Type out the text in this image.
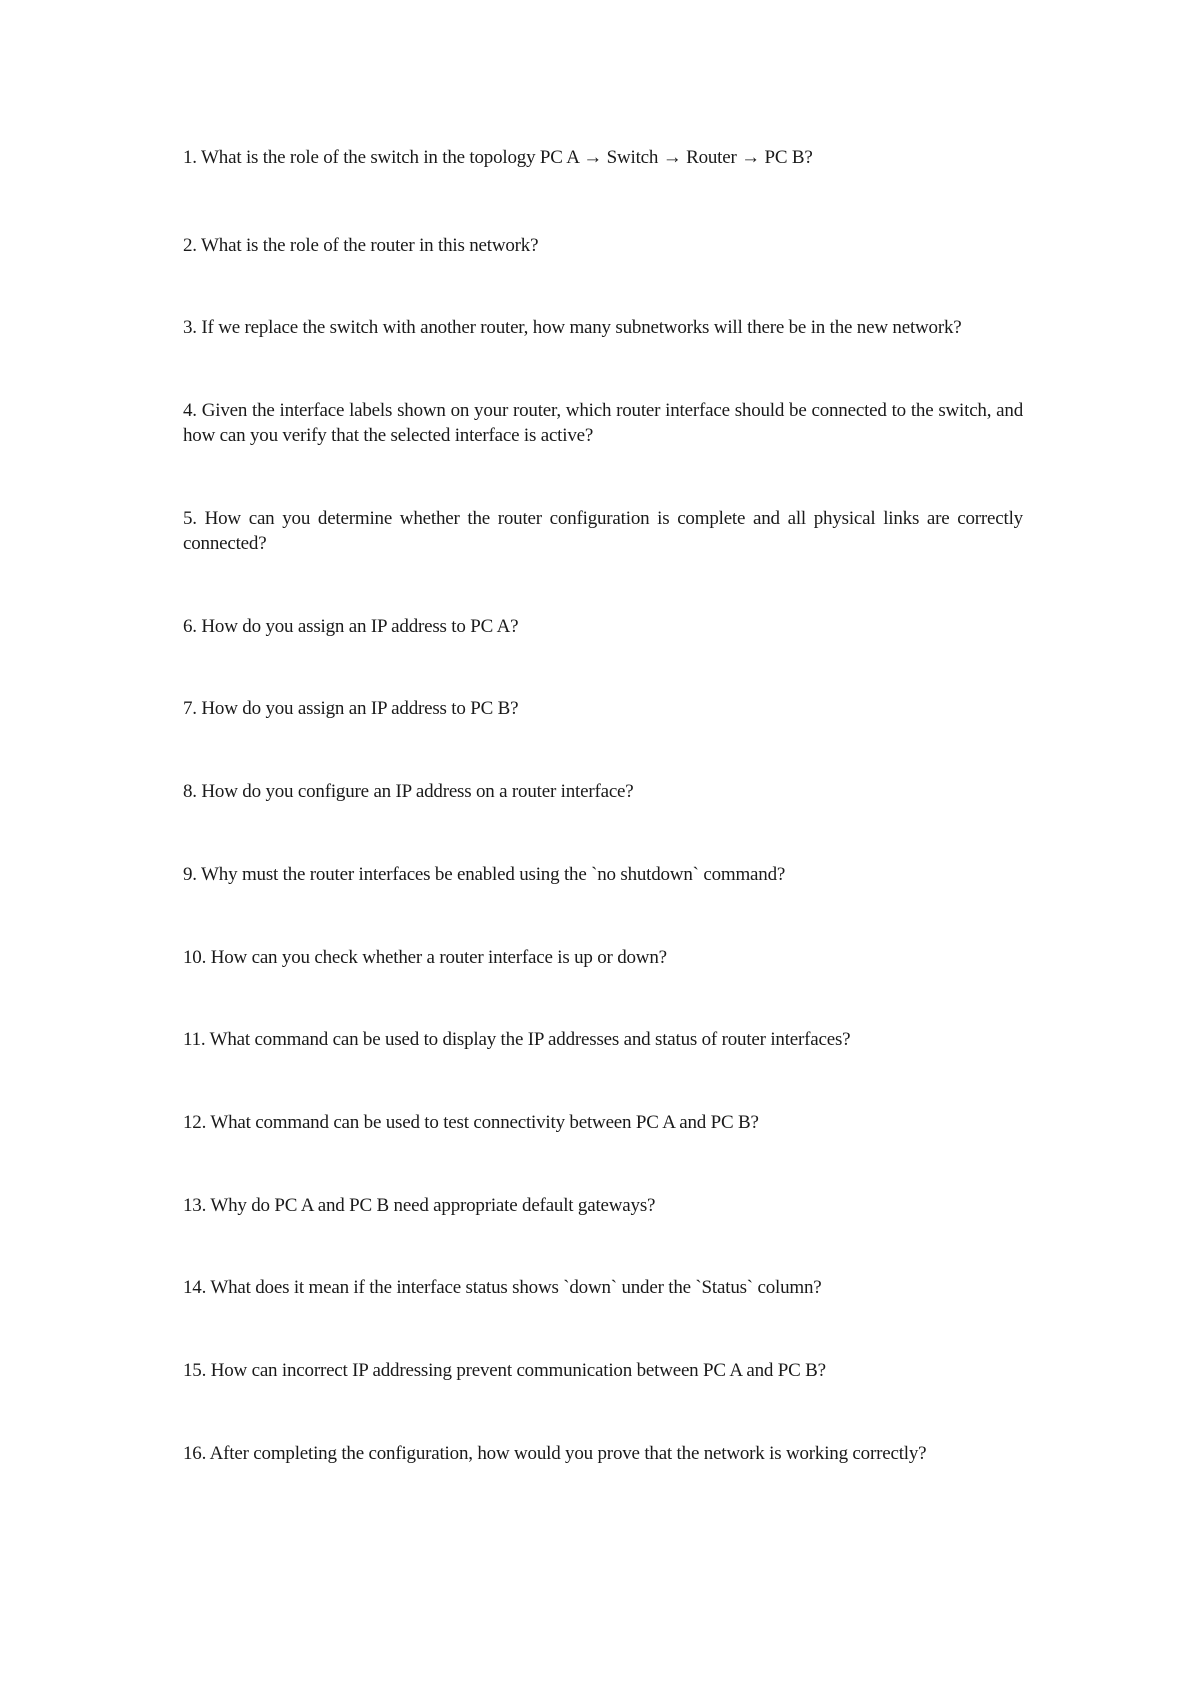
1. What is the role of the switch in the topology PC A → Switch → Router → PC B?

2. What is the role of the router in this network?

3. If we replace the switch with another router, how many subnetworks will there be in the new network?

4. Given the interface labels shown on your router, which router interface should be connected to the switch, and how can you verify that the selected interface is active?

5. How can you determine whether the router configuration is complete and all physical links are correctly connected?

6. How do you assign an IP address to PC A?

7. How do you assign an IP address to PC B?

8. How do you configure an IP address on a router interface?

9. Why must the router interfaces be enabled using the `no shutdown` command?

10. How can you check whether a router interface is up or down?

11. What command can be used to display the IP addresses and status of router interfaces?

12. What command can be used to test connectivity between PC A and PC B?

13. Why do PC A and PC B need appropriate default gateways?

14. What does it mean if the interface status shows `down` under the `Status` column?

15. How can incorrect IP addressing prevent communication between PC A and PC B?

16. After completing the configuration, how would you prove that the network is working correctly?
